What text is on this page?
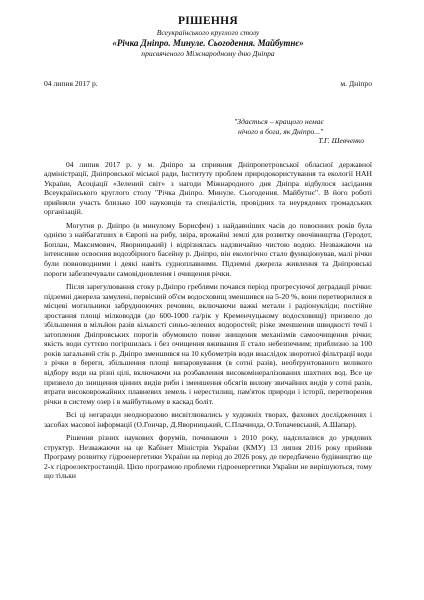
РІШЕННЯ

Всеукраїнського круглого столу

«Річка Дніпро. Минуле. Сьогодення. Майбутнє»

присвяченого Міжнародному дню Дніпра

04 липня 2017 р.	м. Дніпро
"Здається – кращого немає
нічого в бога, як Дніпро..."
Т.Г. Шевченко

04 липня 2017 р. у м. Дніпро за сприяння Дніпропетровської обласної державної адміністрації, Дніпровської міської ради, Інституту проблем природокористування та екології НАН України, Асоціації «Зелений світ» з нагоди Міжнародного дня Дніпра відбулося засідання Всеукраїнського круглого столу "Річка Дніпро. Минуле. Сьогодення. Майбутнє". В його роботі прийняли участь близько 100 науковців та спеціалістів, провідних та неурядових громадських організацій.

Могутня р. Дніпро (в минулому Борисфен) з найдавніших часів до повоєнних років була однією з найбагатших в Європі на рибу, звіра, врожайні землі для розвитку овочівництва (Геродот, Боплан, Максимович, Яворницький) і відрізнялась надзвичайно чистою водою. Незважаючи на інтенсивне освоєння водозбірного басейну р. Дніпро, він екологічно стало функціонував, малі річки були повноводними і деякі навіть судноплавними. Підземні джерела живлення та Дніпровські пороги забезпечували самовідновлення і очищення річки.

Після зарегулювання стоку р.Дніпро греблями почався період прогресуючої деградації річки: підземні джерела замулені, первісний об'єм водосховищ зменшився на 5-20 %, вони перетворилися в місцеві могильники забруднюючих речовин, включаючи важкі метали і радіонукліди; постійне зростання площі мілководдя (до 600-1000 га/рік у Кременчуцькому водосховищі) призвело до збільшення в мільйон разів кількості синьо-зелених водоростей; різке зменшення швидкості течії і затоплення Дніпровських порогів обумовило повне знищення механізмів самоочищення річки; якість води суттєво погіршилась і без очищення вживання її стало небезпечним; приблизно за 100 років загальний стік р. Дніпро зменшився на 10 кубометрів води внаслідок зворотної фільтрації води з річки в береги, збільшення площі випаровування (в сотні разів), необґрунтованого великого відбору води на різні цілі, включаючи на розбавлення високомінералізованих шахтних вод. Все це призвело до знищення цінних видів риби і зменшення обсягів вилову звичайних видів у сотні разів, втрати високоврожайних плавневих земель і нерестилищ, пам'яток природи і історії, перетворення річки в систему озер і в майбутньому в каскад боліт.

Всі ці негаразди неодноразово висвітлювались у художніх творах, фахових дослідженнях і засобах масової інформації (О.Гончар, Д.Яворницький, С.Плачинда, О.Топачевський, А.Шапар).

Рішення різних наукових форумів, починаючи з 2010 року, надсилалися до урядових структур. Незважаючи на це Кабінет Міністрів України (КМУ) 13 липня 2016 року прийняв Програму розвитку гідроенергетики України на період до 2026 року, де передбачено будівництво ще 2-х гідроелектростанцій. Цією програмою проблеми гідроенергетики України не вирішуються, тому що тільки
